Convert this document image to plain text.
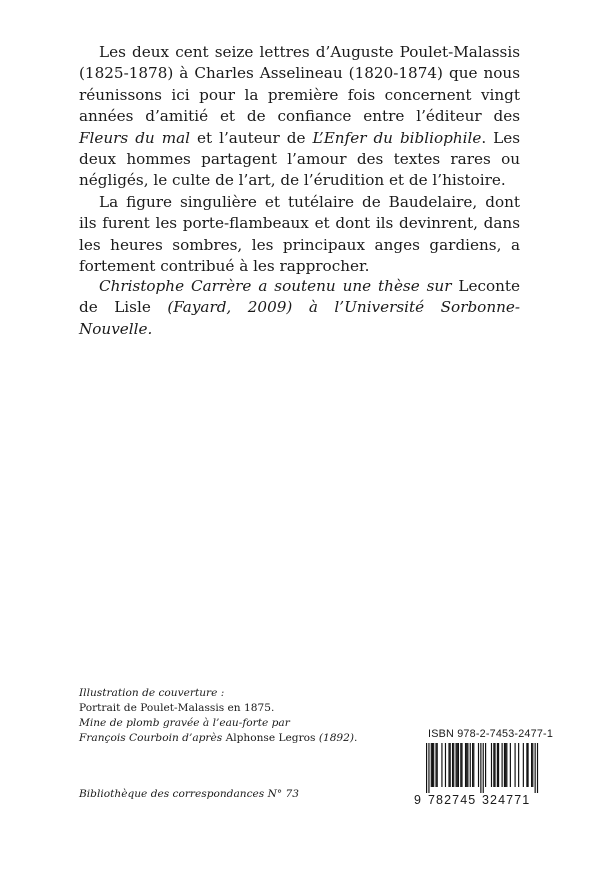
Les deux cent seize lettres d’Auguste Poulet-Malassis (1825-1878) à Charles Asselineau (1820-1874) que nous réunissons ici pour la première fois concernent vingt années d’amitié et de confiance entre l’éditeur des Fleurs du mal et l’auteur de L’Enfer du bibliophile. Les deux hommes partagent l’amour des textes rares ou négligés, le culte de l’art, de l’érudition et de l’histoire.

La figure singulière et tutélaire de Baudelaire, dont ils furent les porte-flambeaux et dont ils devinrent, dans les heures sombres, les principaux anges gardiens, a fortement contribué à les rapprocher.

Christophe Carrère a soutenu une thèse sur Leconte de Lisle (Fayard, 2009) à l’Université Sorbonne-Nouvelle.

Illustration de couverture :
Portrait de Poulet-Malassis en 1875.
Mine de plomb gravée à l’eau-forte par
François Courboin d’après Alphonse Legros (1892).
Bibliothèque des correspondances N° 73
ISBN 978-2-7453-2477-1
9 782745 324771
